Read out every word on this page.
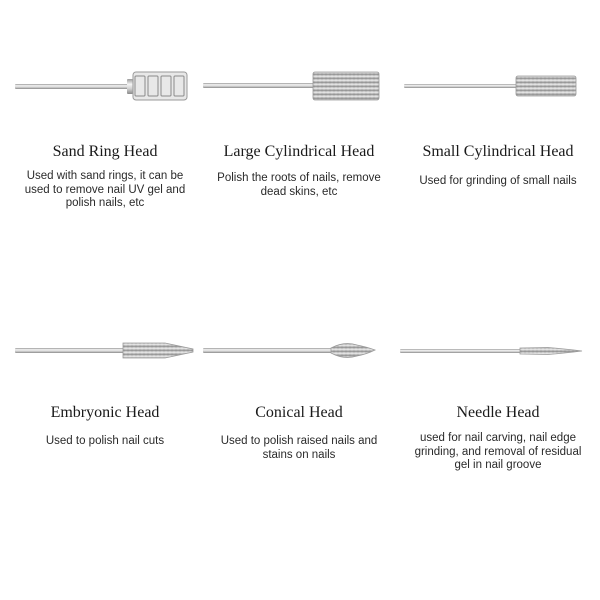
Sand Ring Head
Used with sand rings, it can be used to remove nail UV gel and polish nails, etc
Large Cylindrical Head
Polish the roots of nails, remove dead skins, etc
Small Cylindrical Head
Used for grinding of small nails
Embryonic Head
Used to polish nail cuts
Conical Head
Used to polish raised nails and stains on nails
Needle Head
used for nail carving, nail edge grinding, and removal of residual gel in nail groove
